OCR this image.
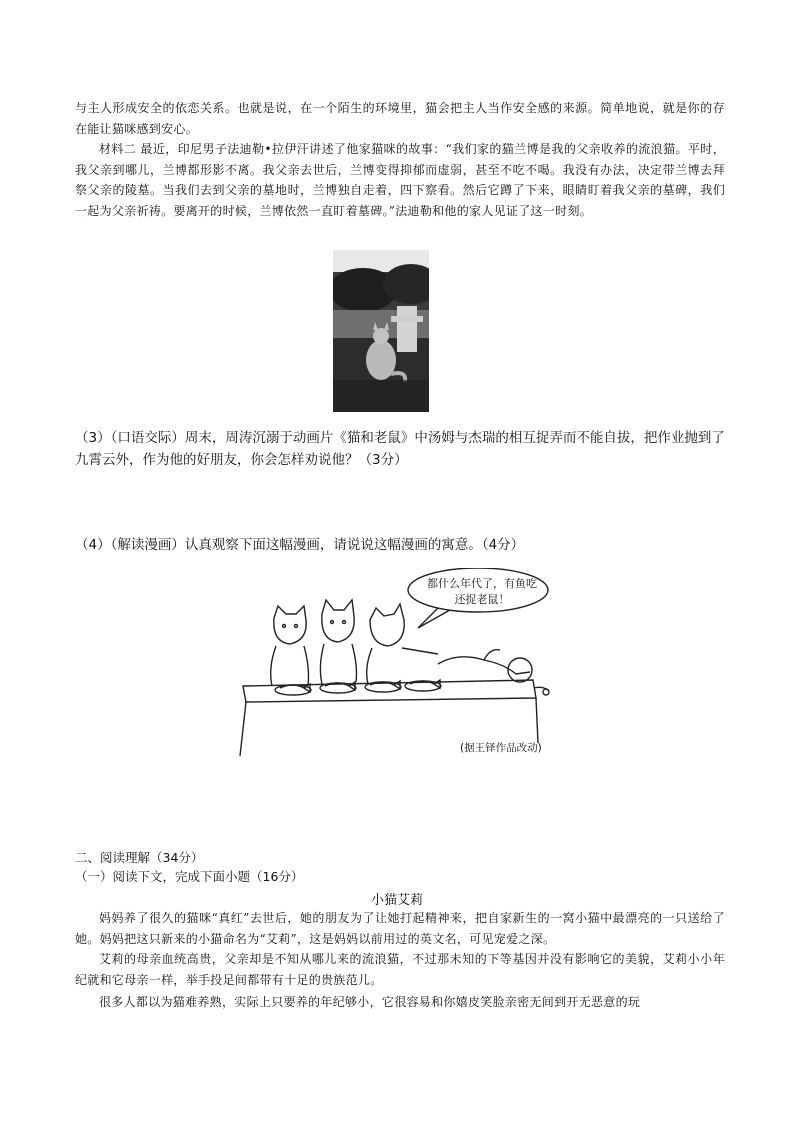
与主人形成安全的依恋关系。也就是说，在一个陌生的环境里，猫会把主人当作安全感的来源。简单地说，就是你的存在能让猫咪感到安心。
材料二 最近，印尼男子法迪勒•拉伊汗讲述了他家猫咪的故事：“我们家的猫兰博是我的父亲收养的流浪猫。平时，我父亲到哪儿，兰博都形影不离。我父亲去世后，兰博变得抑郁而虚弱，甚至不吃不喝。我没有办法，决定带兰博去拜祭父亲的陵墓。当我们去到父亲的墓地时，兰博独自走着，四下察看。然后它蹲了下来，眼睛盯着我父亲的墓碑，我们一起为父亲祈祷。要离开的时候，兰博依然一直盯着墓碑。”法迪勒和他的家人见证了这一时刻。
（3）（口语交际）周末，周涛沉溺于动画片《猫和老鼠》中汤姆与杰瑞的相互捉弄而不能自拔，把作业抛到了九霄云外，作为他的好朋友，你会怎样劝说他？（3分）
（4）（解读漫画）认真观察下面这幅漫画，请说说这幅漫画的寓意。（4分）
都什么年代了，有鱼吃还捉老鼠！
(据王铎作品改动)
二、阅读理解（34分）
（一）阅读下文，完成下面小题（16分）
小猫艾莉
妈妈养了很久的猫咪“真红”去世后，她的朋友为了让她打起精神来，把自家新生的一窝小猫中最漂亮的一只送给了她。妈妈把这只新来的小猫命名为“艾莉”，这是妈妈以前用过的英文名，可见宠爱之深。
艾莉的母亲血统高贵，父亲却是不知从哪儿来的流浪猫，不过那未知的下等基因并没有影响它的美貌，艾莉小小年纪就和它母亲一样，举手投足间都带有十足的贵族范儿。
很多人都以为猫难养熟，实际上只要养的年纪够小，它很容易和你嬉皮笑脸亲密无间到开无恶意的玩
